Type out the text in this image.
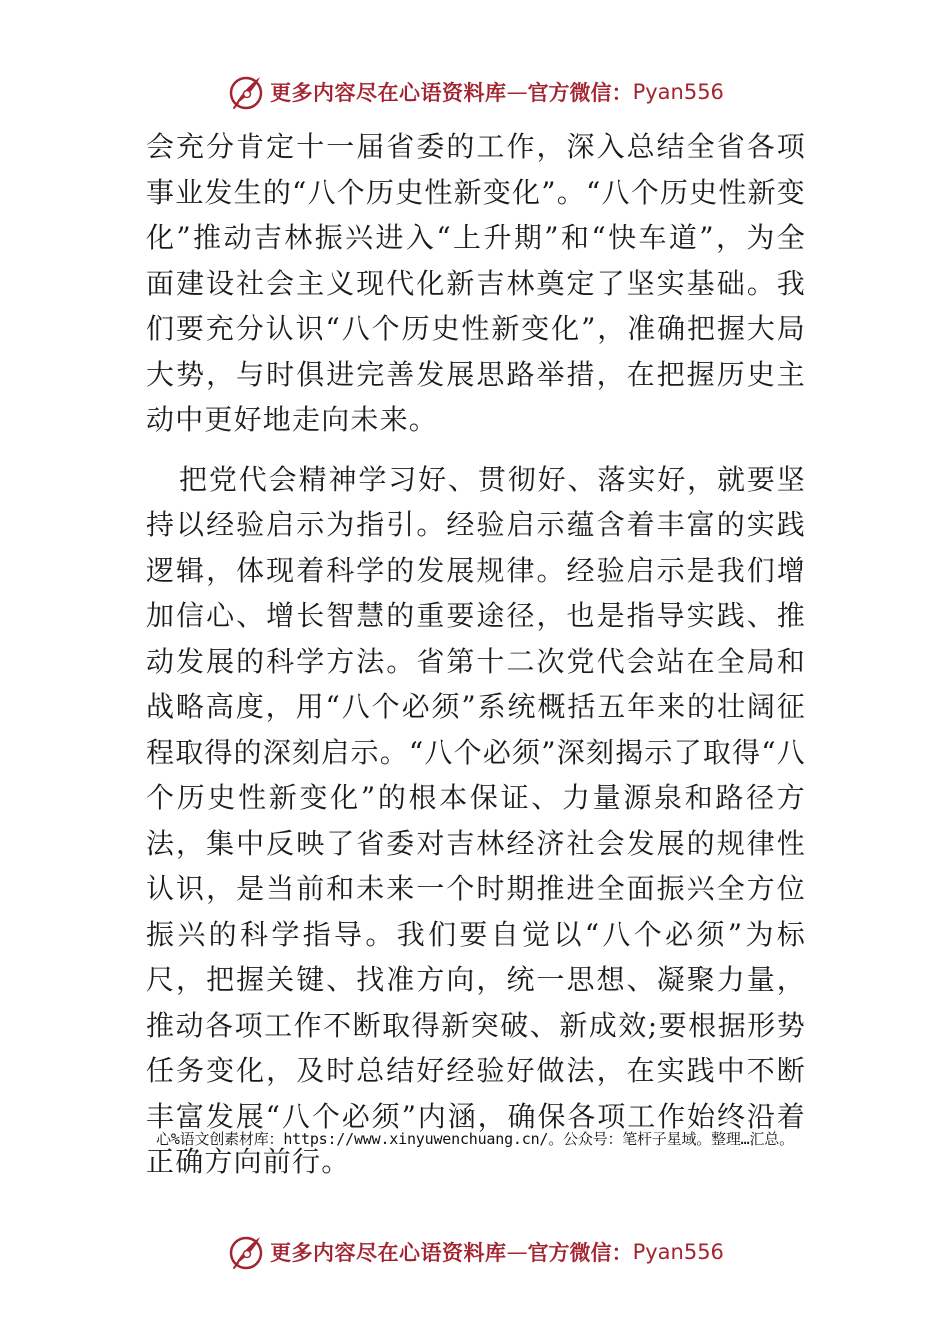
更多内容尽在心语资料库 — 官方微信： Pyan556

会充分肯定十一届省委的工作，深入总结全省各项事业发生的“八个历史性新变化”。“八个历史性新变化”推动吉林振兴进入“上升期”和“快车道”，为全面建设社会主义现代化新吉林奠定了坚实基础。我们要充分认识“八个历史性新变化”，准确把握大局大势，与时俱进完善发展思路举措，在把握历史主动中更好地走向未来。

把党代会精神学习好、贯彻好、落实好，就要坚持以经验启示为指引。经验启示蕴含着丰富的实践逻辑，体现着科学的发展规律。经验启示是我们增加信心、增长智慧的重要途径，也是指导实践、推动发展的科学方法。省第十二次党代会站在全局和战略高度，用“八个必须”系统概括五年来的壮阔征程取得的深刻启示。“八个必须”深刻揭示了取得“八个历史性新变化”的根本保证、力量源泉和路径方法，集中反映了省委对吉林经济社会发展的规律性认识，是当前和未来一个时期推进全面振兴全方位振兴的科学指导。我们要自觉以“八个必须”为标尺，把握关键、找准方向，统一思想、凝聚力量，推动各项工作不断取得新突破、新成效;要根据形势任务变化，及时总结好经验好做法，在实践中不断丰富发展“八个必须”内涵，确保各项工作始终沿着正确方向前行。

心%语文创素材库：https://www.xinyuwenchuang.cn/。公众号：笔杆子星域。整理…汇总。
更多内容尽在心语资料库 — 官方微信： Pyan556
